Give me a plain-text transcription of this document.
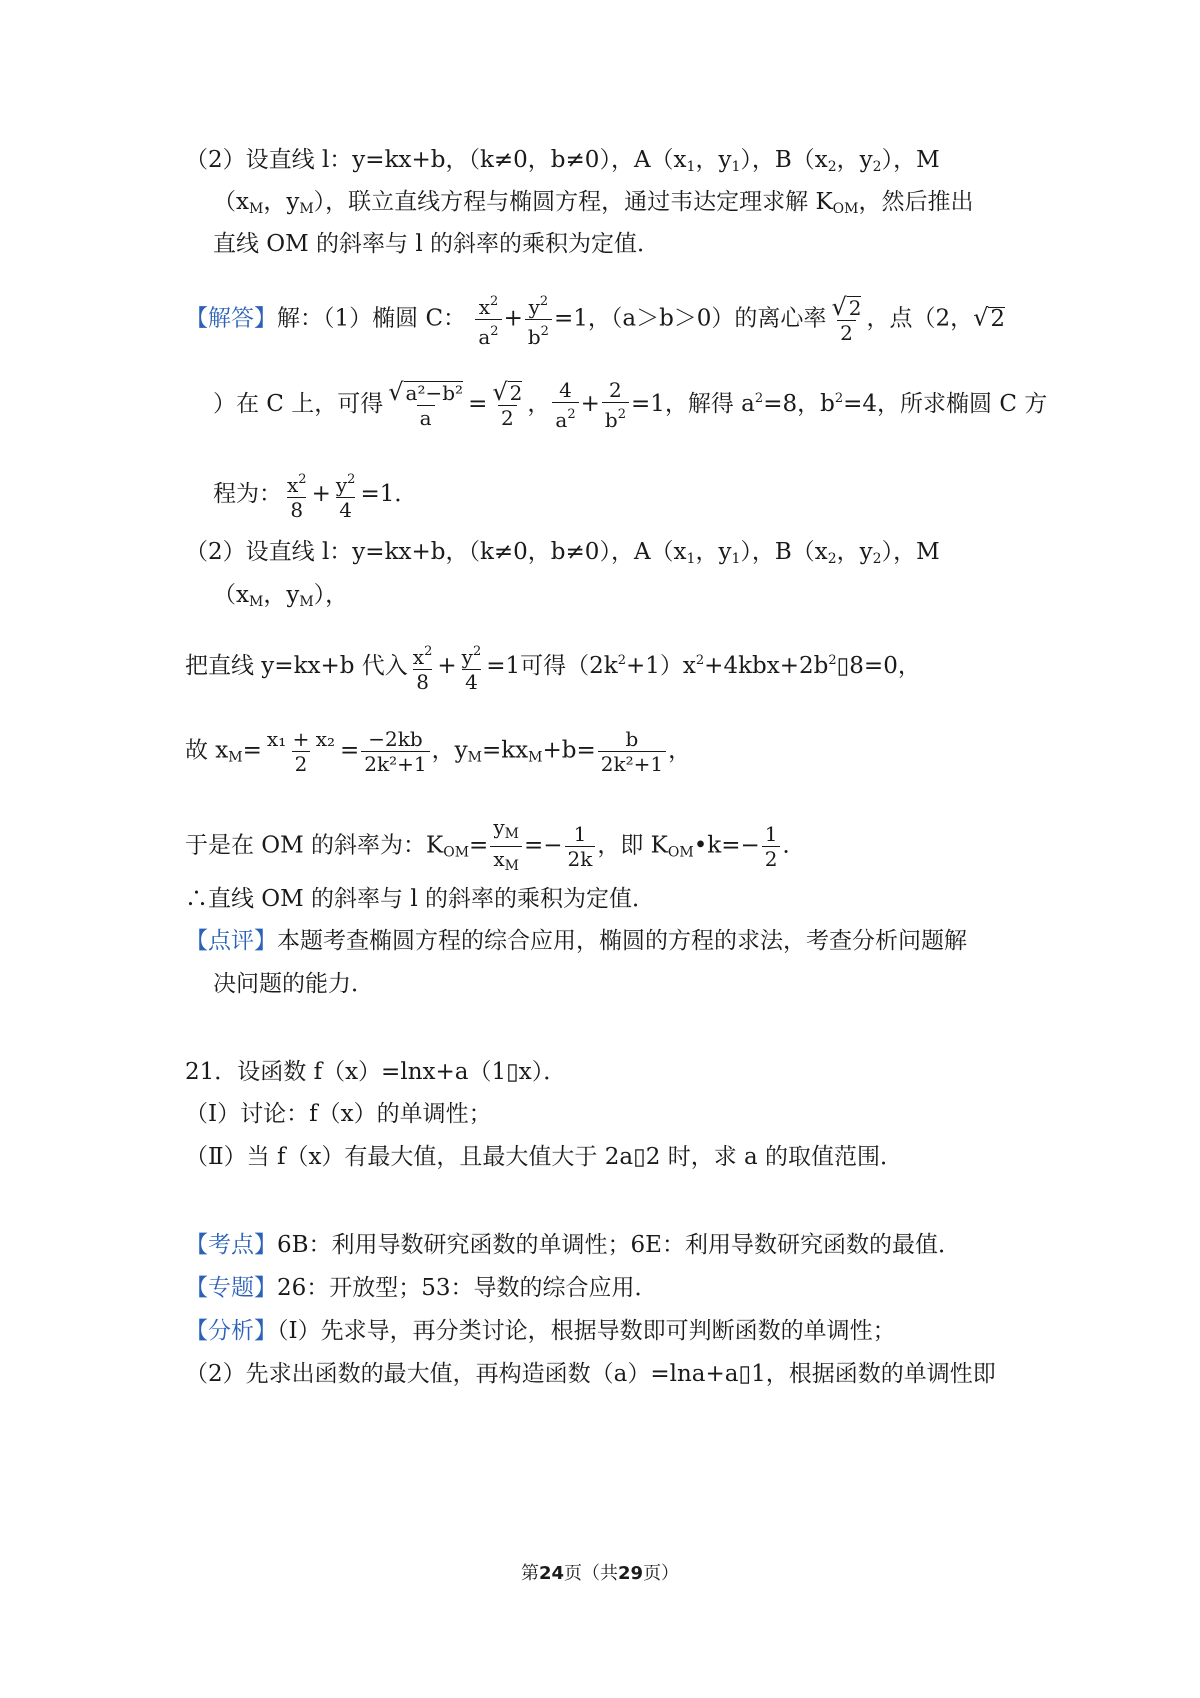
（2）设直线 l：y=kx+b，（k≠0，b≠0），$A(x_1$，$y_1$），$B(x_2$，$y_2$），M
（$x_M$，$y_M$），联立直线方程与椭圆方程，通过韦达定理求解 $K_{OM}$，然后推出
直线 OM 的斜率与 l 的斜率的乘积为定值．
【解答】解：（1）椭圆 C： $\frac{x^2}{a^2} + \frac{y^2}{b^2} =1$，（a＞b＞0）的离心率 $\frac{√ 2}{2}$ ，点（2，√2
）在 C 上，可得 $\frac{\text{√ a²−b²}}{a} = \frac{√ 2}{2}$ ， $\frac{4}{a^2} + \frac{2}{b^2} =1$，解得 $a^2=8$，$b^2=4$，所求椭圆 C 方
程为： $\frac{x^2}{8} + \frac{y^2}{4} =1$．
（2）设直线 l：y=kx+b，（k≠0，b≠0），$A(x_1$，$y_1$），$B(x_2$，$y_2$），M
（$x_M$，$y_M$），
把直线 y=kx+b 代入 $\frac{x^2}{8} + \frac{y^2}{4} =1$可得$(2k^2+1)x^2+4kbx+2b^2▯8=0$，
故 $x_M= \frac{\text{x₁ + x₂}}{2} = \frac{-2kb}{\text{2k²+1}}$ ，$y_M=kx_M+b= \frac{b}{\text{2k²+1}}$ ，
于是在 OM 的斜率为：$K_{OM}= \frac{y_M}{x_M} =- \frac{1}{2k}$ ，即 $K_{OM}•k=- \frac{1}{2}$ ．
∴直线 OM 的斜率与 l 的斜率的乘积为定值．
【点评】本题考查椭圆方程的综合应用，椭圆的方程的求法，考查分析问题解
决问题的能力．
21．设函数 f（x）=lnx+a（1▯x）．
（Ⅰ）讨论：f（x）的单调性；
（Ⅱ）当 f（x）有最大值，且最大值大于 2a▯2 时，求 a 的取值范围．
【考点】6B：利用导数研究函数的单调性；6E：利用导数研究函数的最值．
【专题】26：开放型；53：导数的综合应用．
【分析】（Ⅰ）先求导，再分类讨论，根据导数即可判断函数的单调性；
（2）先求出函数的最大值，再构造函数（a）=lna+a▯1，根据函数的单调性即
第24页（共29页）
